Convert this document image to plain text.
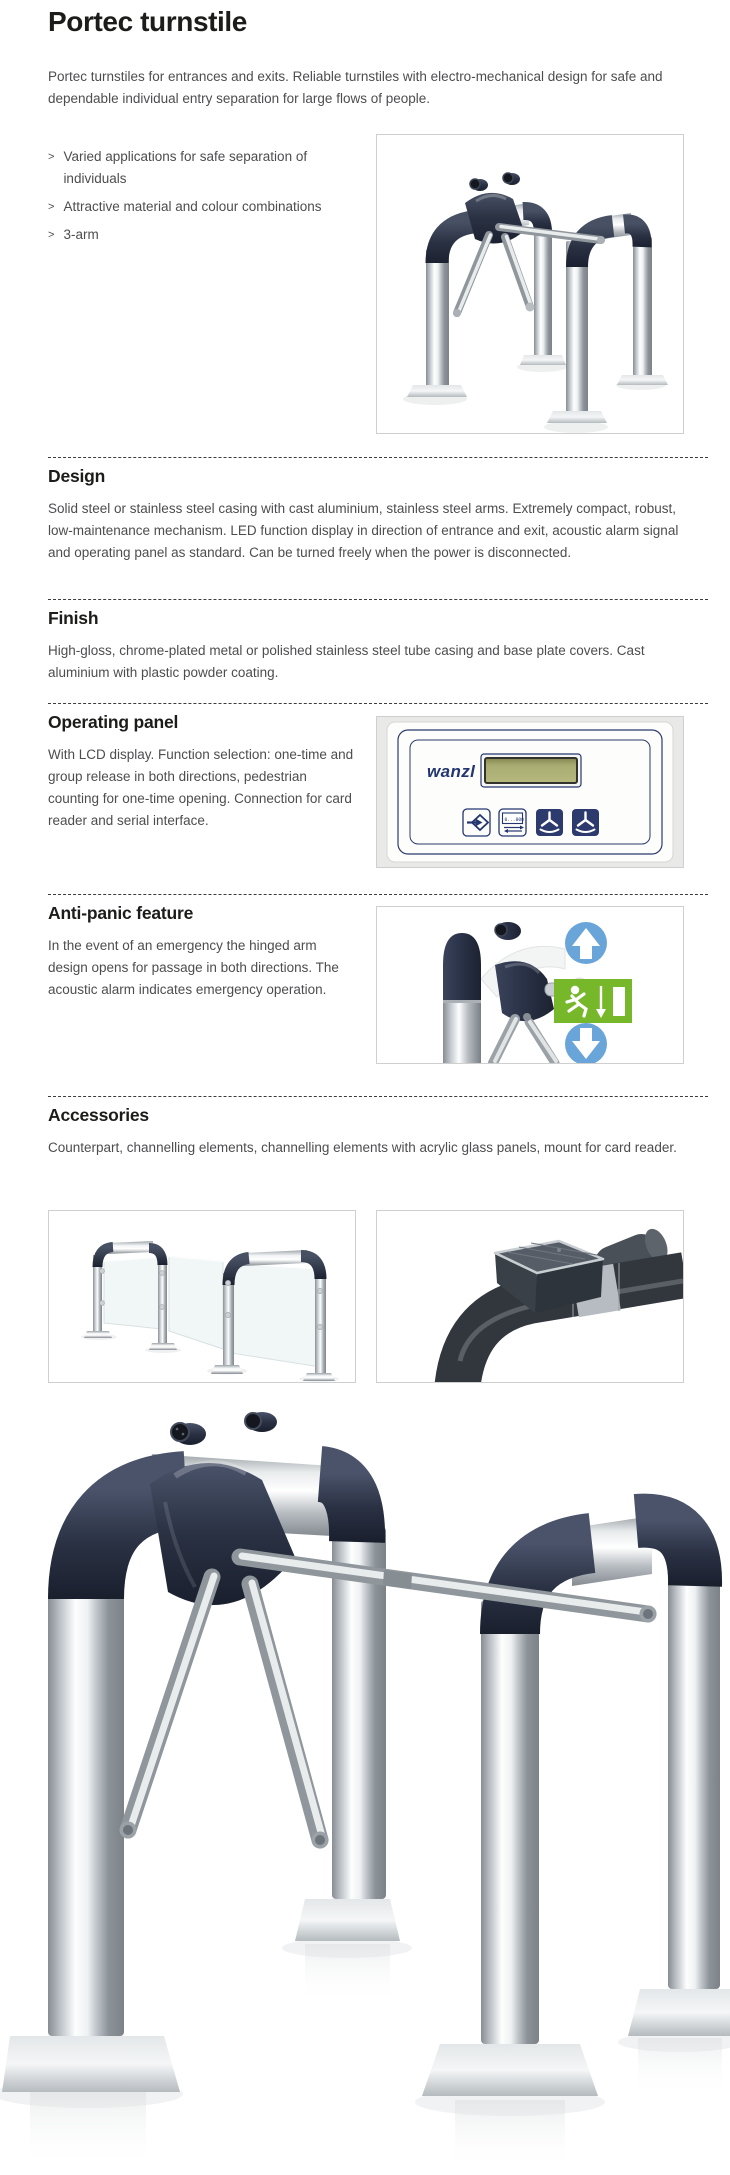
Portec turnstile

Portec turnstiles for entrances and exits. Reliable turnstiles with electro-mechanical design for safe and dependable individual entry separation for large flows of people.

> Varied applications for safe separation of individuals
> Attractive material and colour combinations
> 3-arm
Design

Solid steel or stainless steel casing with cast aluminium, stainless steel arms. Extremely compact, robust, low-maintenance mechanism. LED function display in direction of entrance and exit, acoustic alarm signal and operating panel as standard. Can be turned freely when the power is disconnected.

Finish

High-gloss, chrome-plated metal or polished stainless steel tube casing and base plate covers. Cast aluminium with plastic powder coating.

Operating panel

With LCD display. Function selection: one-time and group release in both directions, pedestrian counting for one-time opening. Connection for card reader and serial interface.

wanzl
0...000
Anti-panic feature

In the event of an emergency the hinged arm design opens for passage in both directions. The acoustic alarm indicates emergency operation.

Accessories

Counterpart, channelling elements, channelling elements with acrylic glass panels, mount for card reader.
